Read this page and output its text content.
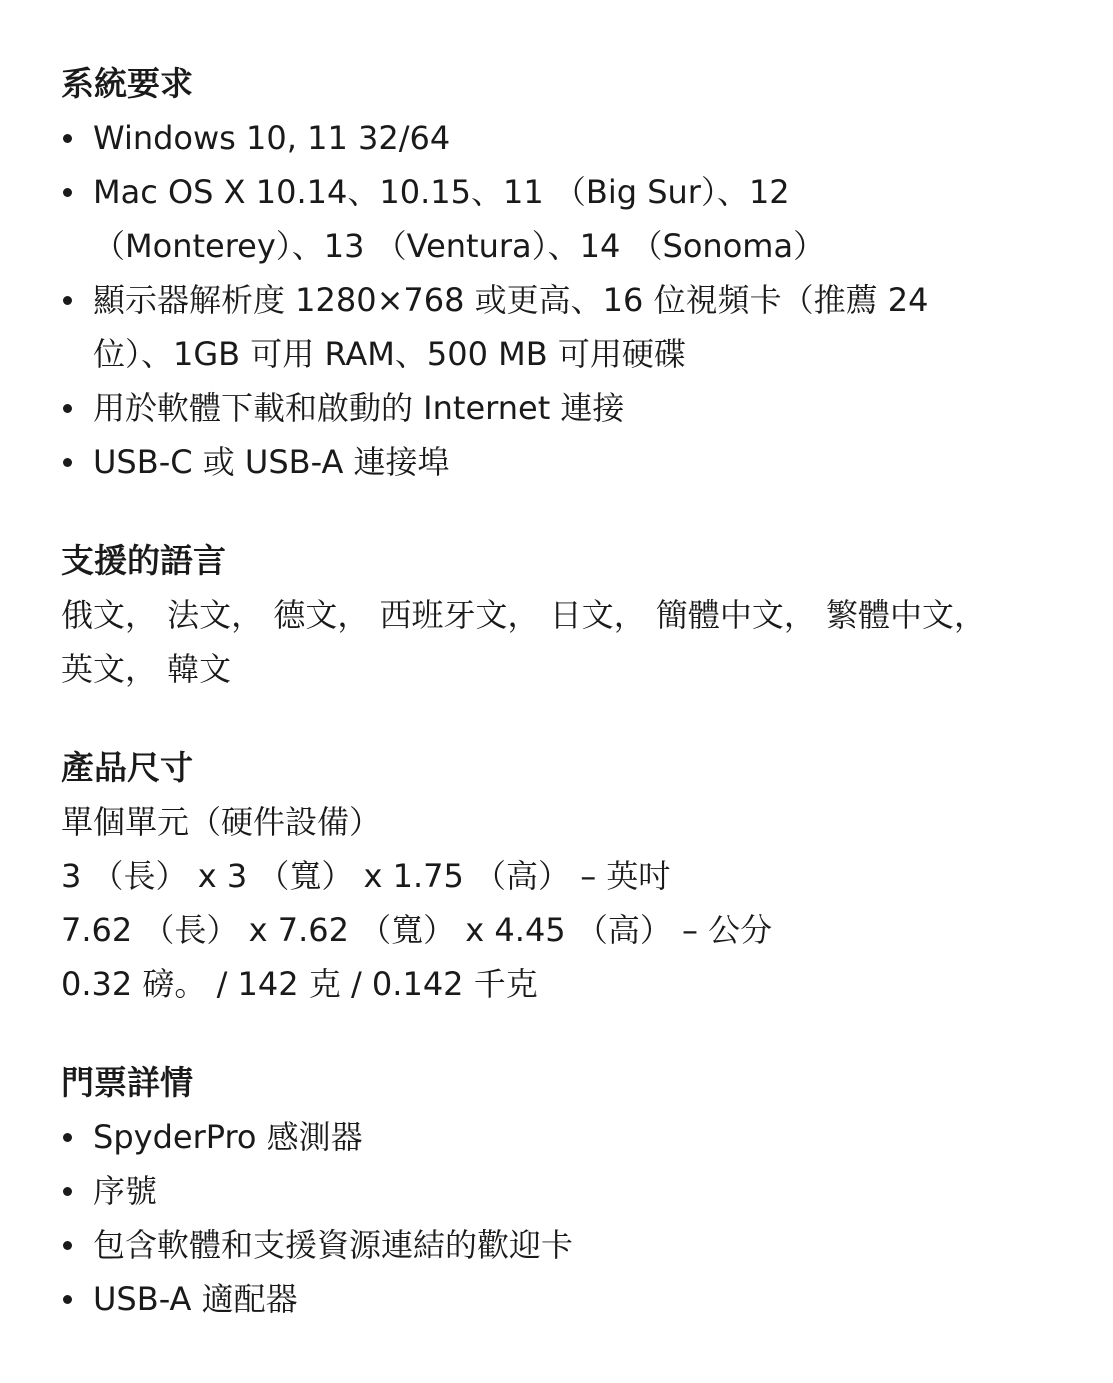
系統要求
Windows 10, 11 32/64
Mac OS X 10.14、10.15、11 （Big Sur）、12 （Monterey）、13 （Ventura）、14 （Sonoma）
顯示器解析度 1280×768 或更高、16 位視頻卡（推薦 24 位）、1GB 可用 RAM、500 MB 可用硬碟
用於軟體下載和啟動的 Internet 連接
USB-C 或 USB-A 連接埠
支援的語言

俄文， 法文， 德文， 西班牙文， 日文， 簡體中文， 繁體中文， 英文， 韓文

產品尺寸

單個單元（硬件設備）

3 （長） x 3 （寬） x 1.75 （高） – 英吋

7.62 （長） x 7.62 （寬） x 4.45 （高） – 公分

0.32 磅。 / 142 克 / 0.142 千克

門票詳情
SpyderPro 感測器
序號
包含軟體和支援資源連結的歡迎卡
USB-A 適配器
